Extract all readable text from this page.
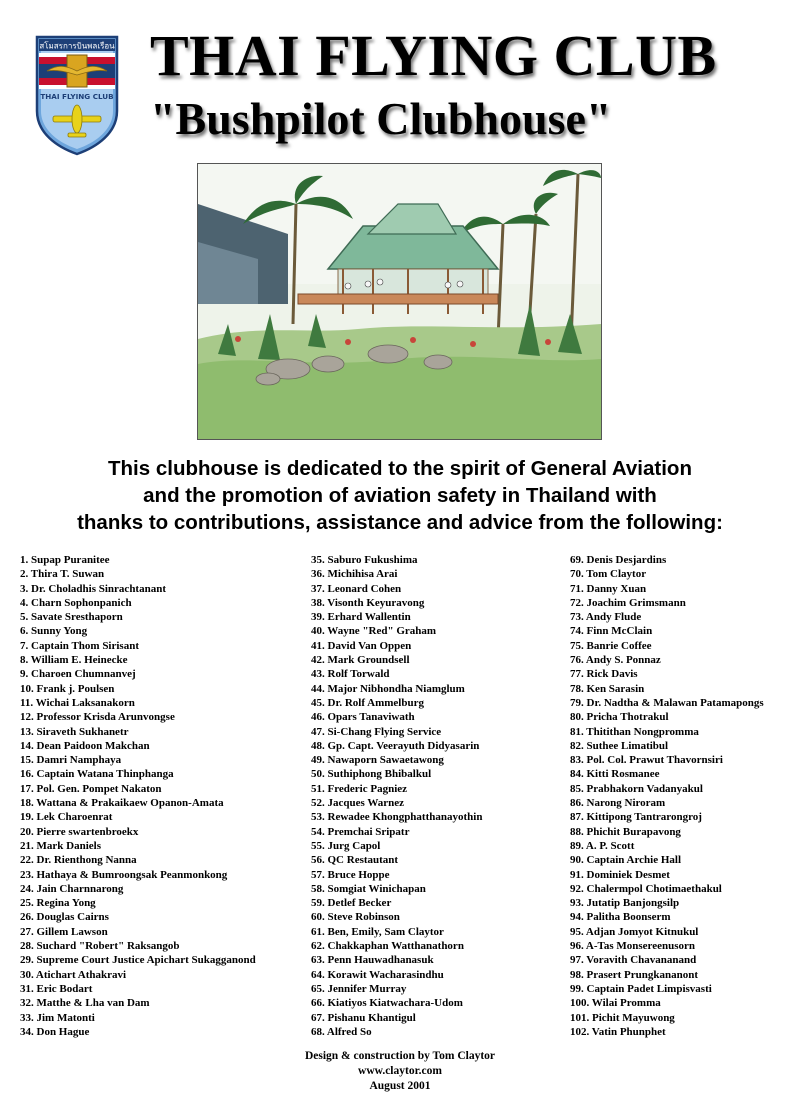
สโมสรการบินพลเรือน
THAI FLYING CLUB
THAI FLYING CLUB
"Bushpilot Clubhouse"
This clubhouse is dedicated to the spirit of General Aviation
and the promotion of aviation safety in Thailand with
thanks to contributions, assistance and advice from the following:
1. Supap Puranitee
2. Thira T. Suwan
3. Dr. Choladhis Sinrachtanant
4. Charn Sophonpanich
5. Savate Sresthaporn
6. Sunny Yong
7. Captain Thom Sirisant
8. William E. Heinecke
9. Charoen Chumnanvej
10. Frank j. Poulsen
11. Wichai Laksanakorn
12. Professor Krisda Arunvongse
13. Siraveth Sukhanetr
14. Dean Paidoon Makchan
15. Damri Namphaya
16. Captain Watana Thinphanga
17. Pol. Gen. Pompet Nakaton
18. Wattana & Prakaikaew Opanon-Amata
19. Lek Charoenrat
20. Pierre swartenbroekx
21. Mark Daniels
22. Dr. Rienthong Nanna
23. Hathaya & Bumroongsak Peanmonkong
24. Jain Charnnarong
25. Regina Yong
26. Douglas Cairns
27. Gillem Lawson
28. Suchard "Robert" Raksangob
29. Supreme Court Justice Apichart Sukagganond
30. Atichart Athakravi
31. Eric Bodart
32. Matthe & Lha van Dam
33. Jim Matonti
34. Don Hague
35. Saburo Fukushima
36. Michihisa Arai
37. Leonard Cohen
38. Visonth Keyuravong
39. Erhard Wallentin
40. Wayne "Red" Graham
41. David Van Oppen
42. Mark Groundsell
43. Rolf Torwald
44. Major Nibhondha Niamglum
45. Dr. Rolf Ammelburg
46. Opars Tanaviwath
47. Si-Chang Flying Service
48. Gp. Capt. Veerayuth Didyasarin
49. Nawaporn Sawaetawong
50. Suthiphong Bhibalkul
51. Frederic Pagniez
52. Jacques Warnez
53. Rewadee Khongphatthanayothin
54. Premchai Sripatr
55. Jurg Capol
56. QC Restautant
57. Bruce Hoppe
58. Somgiat Winichapan
59. Detlef Becker
60. Steve Robinson
61. Ben, Emily, Sam Claytor
62. Chakkaphan Watthanathorn
63. Penn Hauwadhanasuk
64. Korawit Wacharasindhu
65. Jennifer Murray
66. Kiatiyos Kiatwachara-Udom
67. Pishanu Khantigul
68. Alfred So
69. Denis Desjardins
70. Tom Claytor
71. Danny Xuan
72. Joachim Grimsmann
73. Andy Flude
74. Finn McClain
75. Banrie Coffee
76. Andy S. Ponnaz
77. Rick Davis
78. Ken Sarasin
79. Dr. Nadtha & Malawan Patamapongs
80. Pricha Thotrakul
81. Thitithan Nongpromma
82. Suthee Limatibul
83. Pol. Col. Prawut Thavornsiri
84. Kitti Rosmanee
85. Prabhakorn Vadanyakul
86. Narong Niroram
87. Kittipong Tantrarongroj
88. Phichit Burapavong
89. A. P. Scott
90. Captain Archie Hall
91. Dominiek Desmet
92. Chalermpol Chotimaethakul
93. Jutatip Banjongsilp
94. Palitha Boonserm
95. Adjan Jomyot Kitnukul
96. A-Tas Monsereenusorn
97. Voravith Chavananand
98. Prasert Prungkananont
99. Captain Padet Limpisvasti
100. Wilai Promma
101. Pichit Mayuwong
102. Vatin Phunphet
Design & construction by Tom Claytor
www.claytor.com
August 2001
